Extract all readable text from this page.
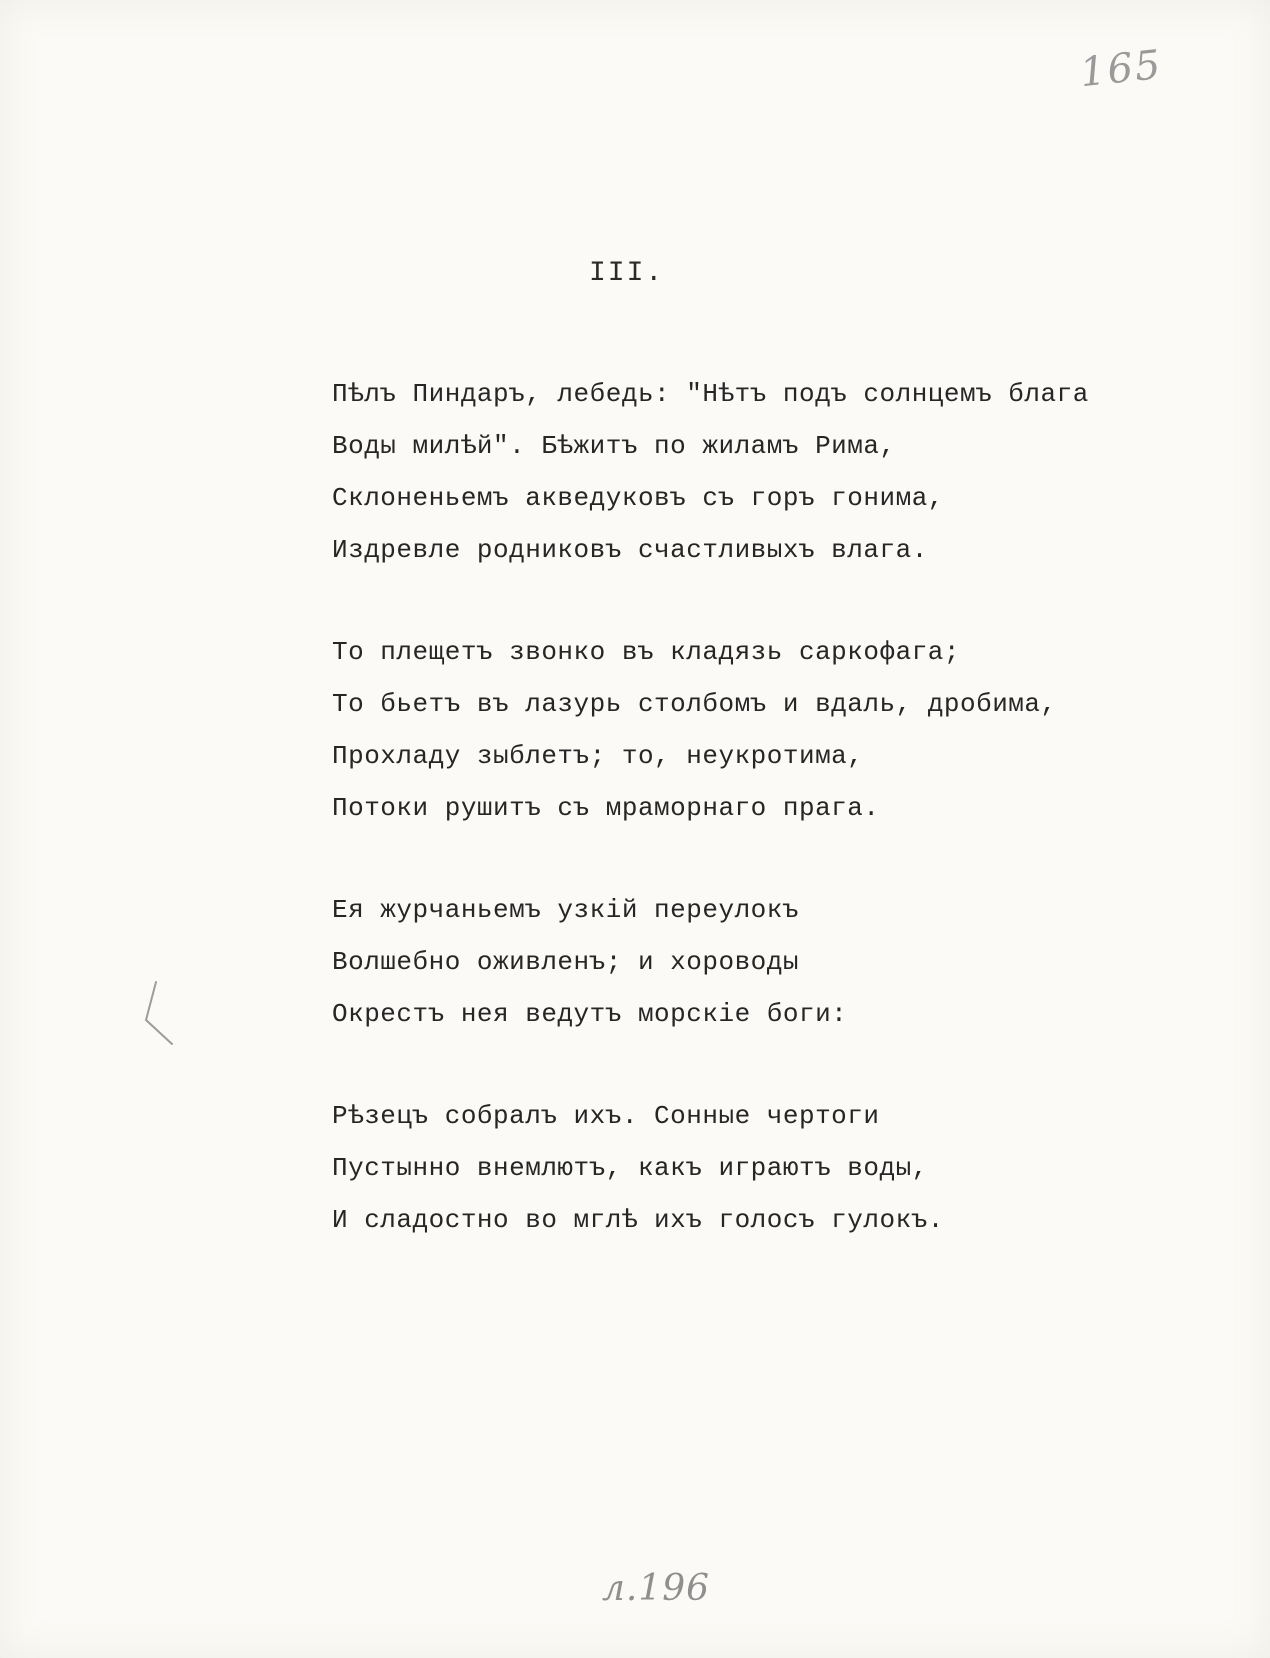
165
III.
Пѣлъ Пиндаръ, лебедь: "Нѣтъ подъ солнцемъ блага
Воды милѣй". Бѣжитъ по жиламъ Рима,
Склоненьемъ акведуковъ съ горъ гонима,
Издревле родниковъ счастливыхъ влага.
То плещетъ звонко въ кладязь саркофага;
То бьетъ въ лазурь столбомъ и вдаль, дробима,
Прохладу зыблетъ; то, неукротима,
Потоки рушитъ съ мраморнаго прага.
Ея журчаньемъ узкiй переулокъ
Волшебно оживленъ; и хороводы
Окрестъ нея ведутъ морскiе боги:
Рѣзецъ собралъ ихъ. Сонные чертоги
Пустынно внемлютъ, какъ играютъ воды,
И сладостно во мглѣ ихъ голосъ гулокъ.
л.196
